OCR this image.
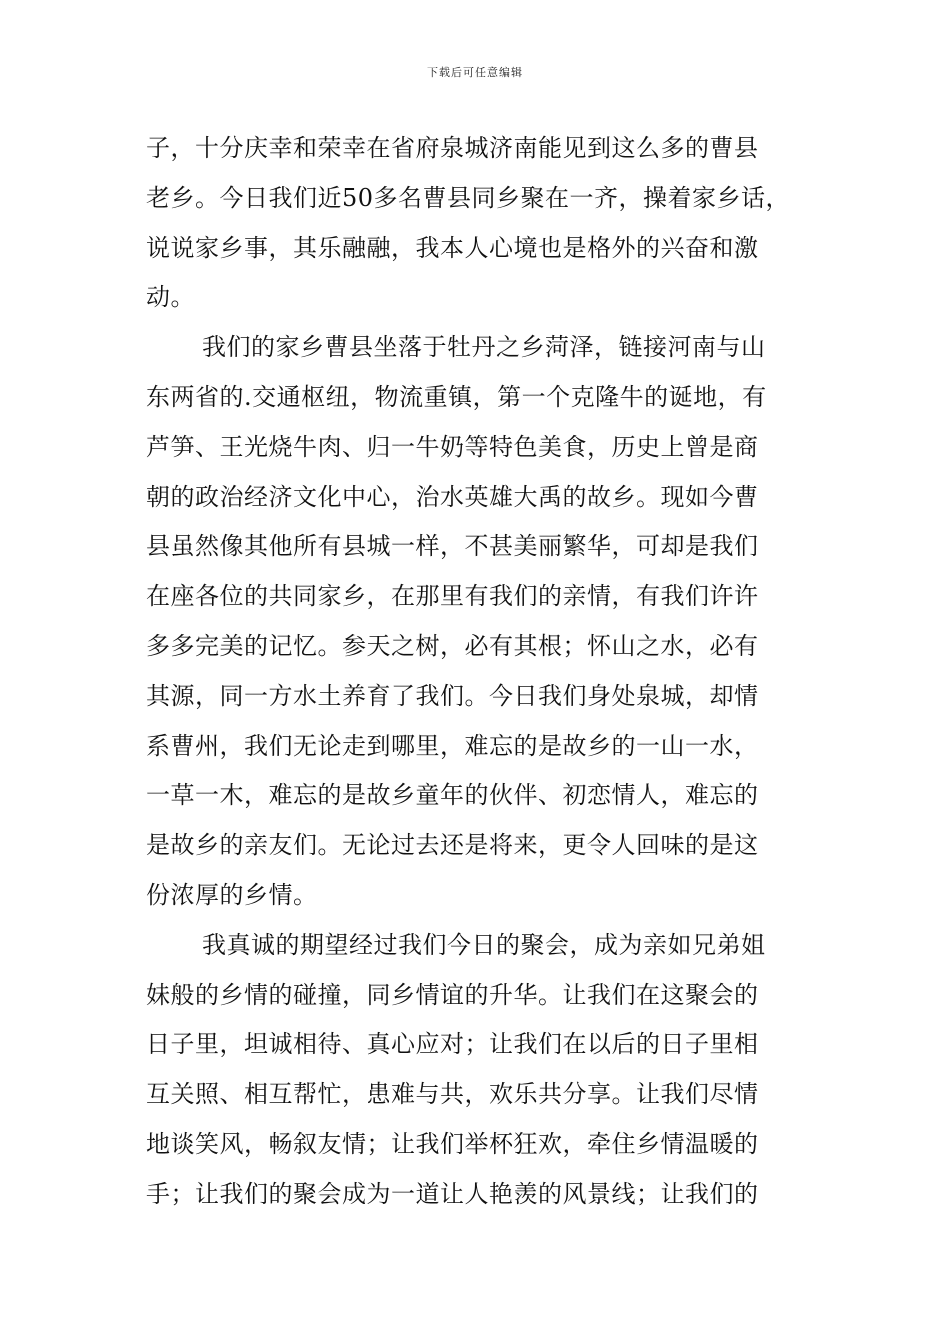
下载后可任意编辑
子，十分庆幸和荣幸在省府泉城济南能见到这么多的曹县
老乡。今日我们近50多名曹县同乡聚在一齐，操着家乡话，
说说家乡事，其乐融融，我本人心境也是格外的兴奋和激
动。
我们的家乡曹县坐落于牡丹之乡菏泽，链接河南与山
东两省的.交通枢纽，物流重镇，第一个克隆牛的诞地，有
芦笋、王光烧牛肉、归一牛奶等特色美食，历史上曾是商
朝的政治经济文化中心，治水英雄大禹的故乡。现如今曹
县虽然像其他所有县城一样，不甚美丽繁华，可却是我们
在座各位的共同家乡，在那里有我们的亲情，有我们许许
多多完美的记忆。参天之树，必有其根；怀山之水，必有
其源，同一方水土养育了我们。今日我们身处泉城，却情
系曹州，我们无论走到哪里，难忘的是故乡的一山一水，
一草一木，难忘的是故乡童年的伙伴、初恋情人，难忘的
是故乡的亲友们。无论过去还是将来，更令人回味的是这
份浓厚的乡情。
我真诚的期望经过我们今日的聚会，成为亲如兄弟姐
妹般的乡情的碰撞，同乡情谊的升华。让我们在这聚会的
日子里，坦诚相待、真心应对；让我们在以后的日子里相
互关照、相互帮忙，患难与共，欢乐共分享。让我们尽情
地谈笑风，畅叙友情；让我们举杯狂欢，牵住乡情温暖的
手；让我们的聚会成为一道让人艳羡的风景线；让我们的
